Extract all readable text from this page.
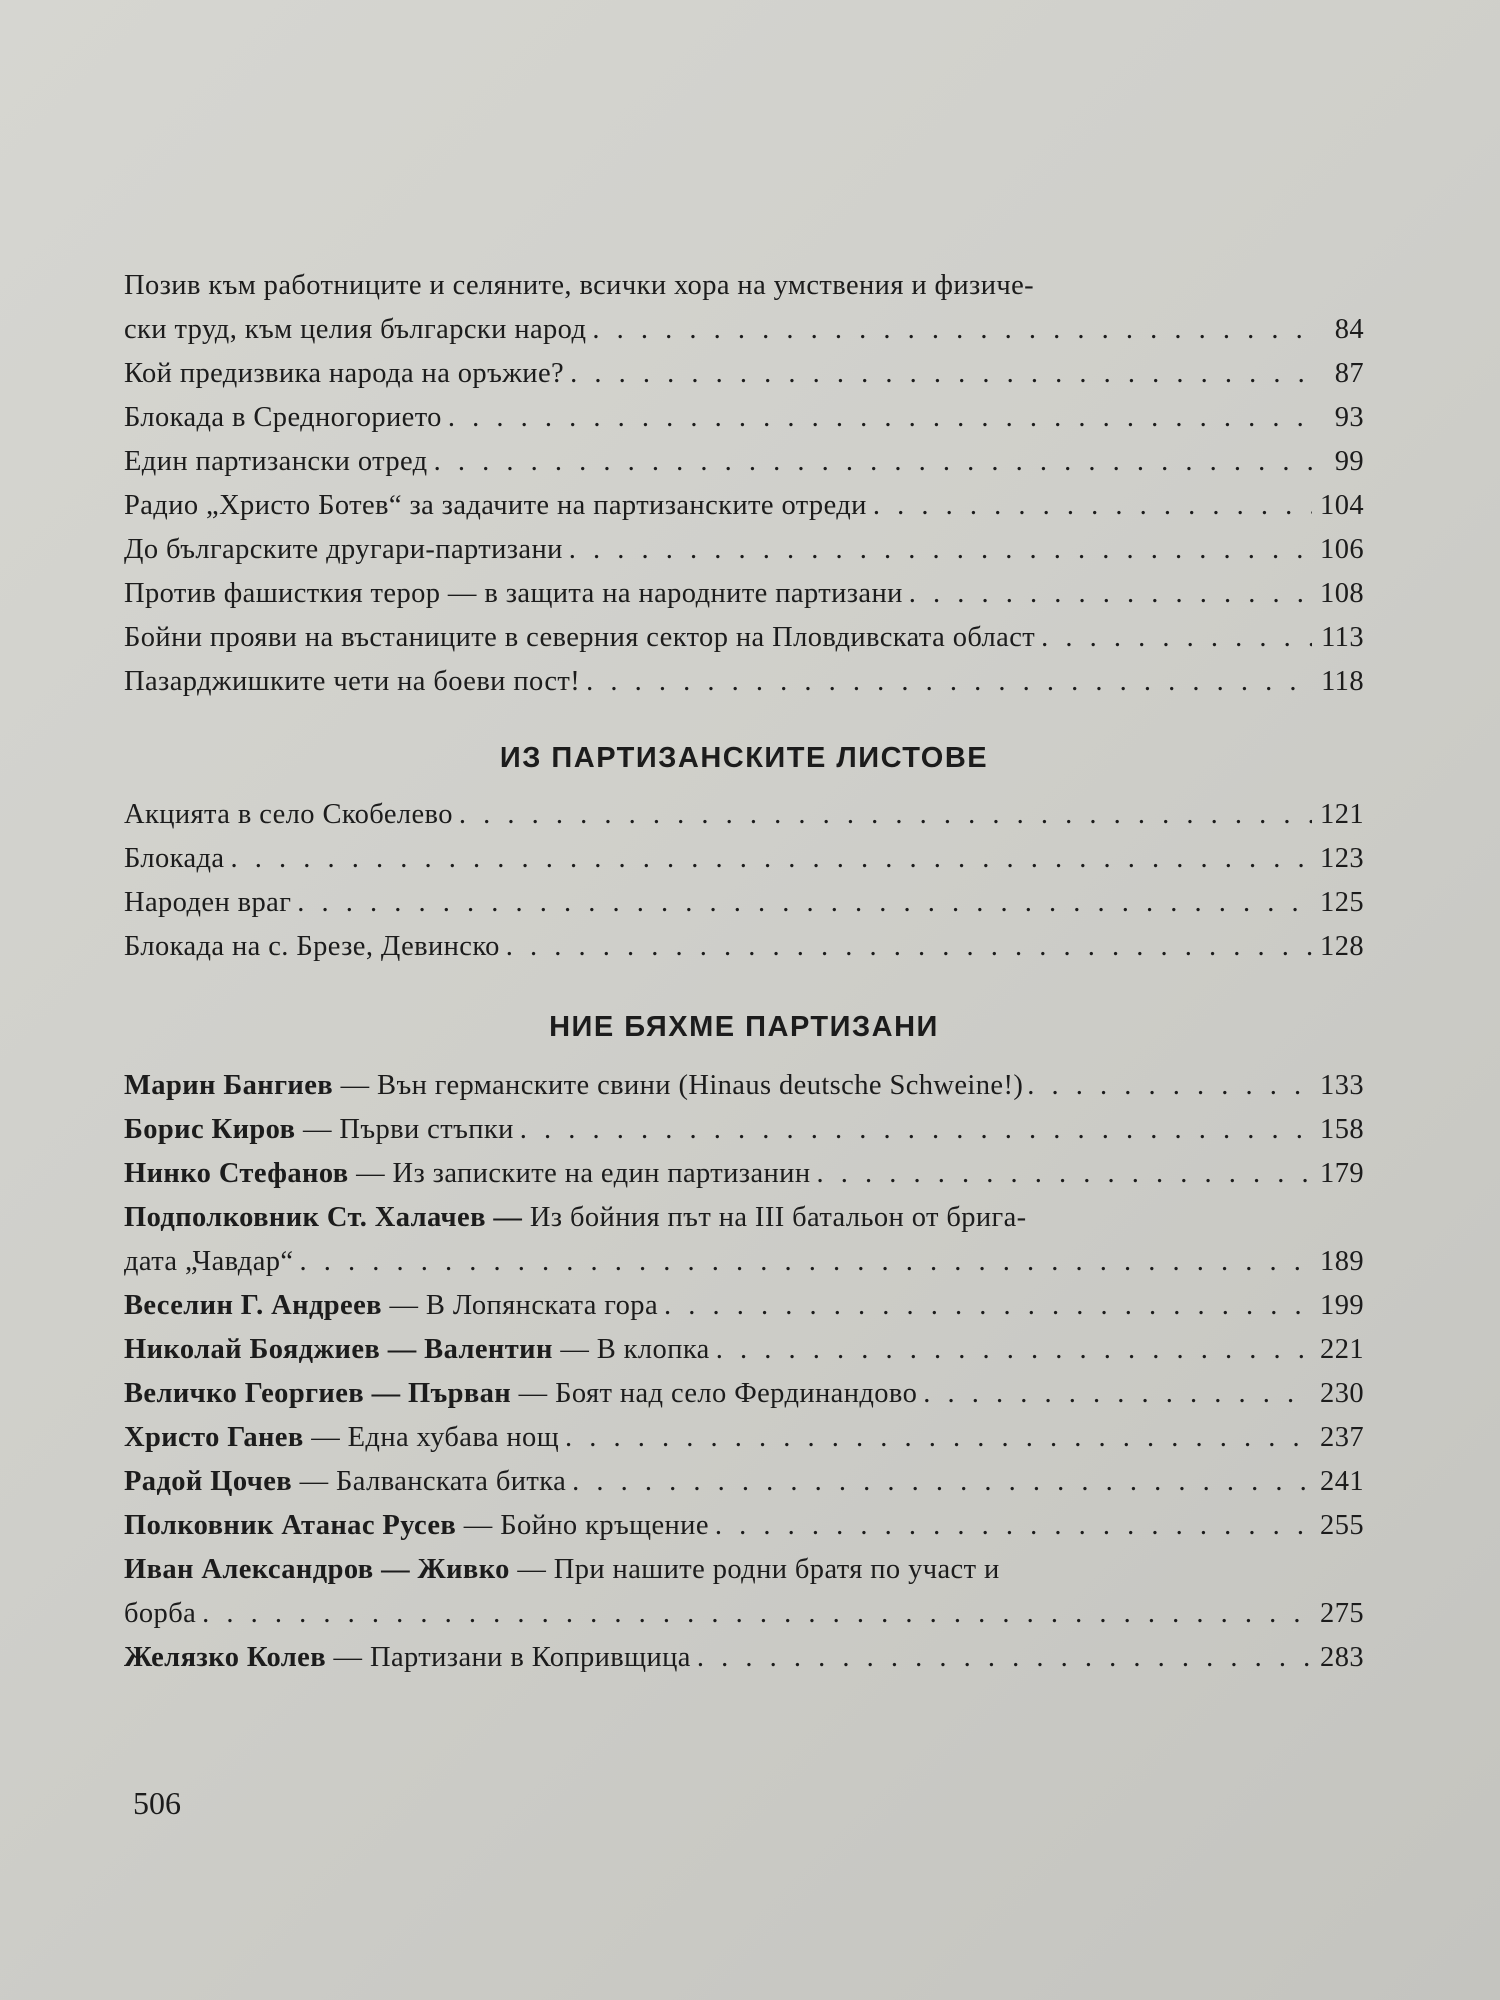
Позив към работниците и селяните, всички хора на умствения и физиче-
ски труд, към целия български народ . . .	84
Кой предизвика народа на оръжие? . . .	87
Блокада в Средногорието . . .	93
Един партизански отред . . .	99
Радио „Христо Ботев“ за задачите на партизанските отреди . . .	104
До българските другари-партизани . . .	106
Против фашисткия терор — в защита на народните партизани . . .	108
Бойни прояви на въстаниците в северния сектор на Пловдивската област . . .	113
Пазарджишките чети на боеви пост! . . .	118
ИЗ ПАРТИЗАНСКИТЕ ЛИСТОВЕ
Акцията в село Скобелево . . .	121
Блокада . . .	123
Народен враг . . .	125
Блокада на с. Брезе, Девинско . . .	128
НИЕ БЯХМЕ ПАРТИЗАНИ
Марин Бангиев — Вън германските свини (Hinaus deutsche Schweine!) . . .	133
Борис Киров — Първи стъпки . . .	158
Нинко Стефанов — Из записките на един партизанин . . .	179
Подполковник Ст. Халачев — Из бойния път на III батальон от брига-
дата „Чавдар“ . . .	189
Веселин Г. Андреев — В Лопянската гора . . .	199
Николай Бояджиев — Валентин — В клопка . . .	221
Величко Георгиев — Първан — Боят над село Фердинандово . . .	230
Христо Ганев — Една хубава нощ . . .	237
Радой Цочев — Балванската битка . . .	241
Полковник Атанас Русев — Бойно кръщение . . .	255
Иван Александров — Живко — При нашите родни братя по участ и
борба . . .	275
Желязко Колев — Партизани в Копривщица . . .	283
506
